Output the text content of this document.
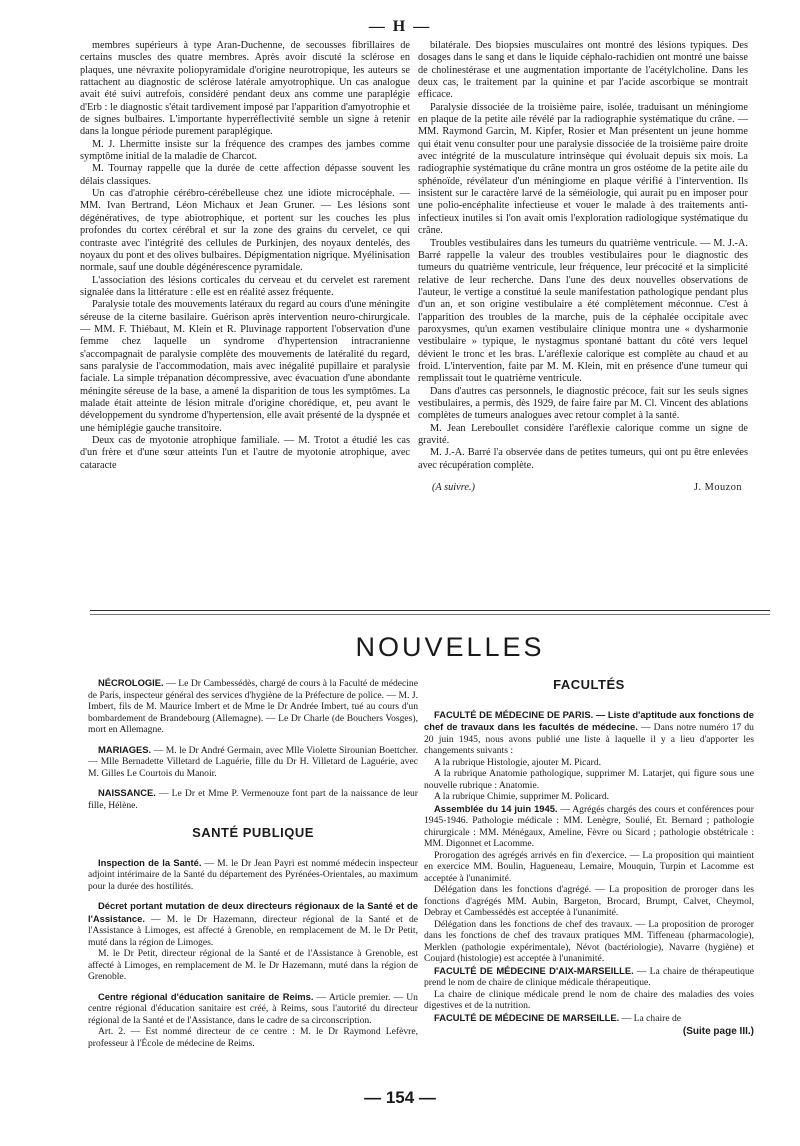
— H —

membres supérieurs à type Aran-Duchenne, de secousses fibrillaires de certains muscles des quatre membres. Après avoir discuté la sclérose en plaques, une névraxite poliopyramidale d'origine neurotropique, les auteurs se rattachent au diagnostic de sclérose latérale amyotrophique. Un cas analogue avait été suivi autrefois, considéré pendant deux ans comme une paraplégie d'Erb : le diagnostic s'était tardivement imposé par l'apparition d'amyotrophie et de signes bulbaires. L'importante hyperréflectivité semble un signe à retenir dans la longue période purement paraplégique.

M. J. Lhermitte insiste sur la fréquence des crampes des jambes comme symptôme initial de la maladie de Charcot.

M. Tournay rappelle que la durée de cette affection dépasse souvent les délais classiques.

Un cas d'atrophie cérébro-cérébelleuse chez une idiote microcéphale. — MM. Ivan Bertrand, Léon Michaux et Jean Gruner. — Les lésions sont dégénératives, de type abiotrophique, et portent sur les couches les plus profondes du cortex cérébral et sur la zone des grains du cervelet, ce qui contraste avec l'intégrité des cellules de Purkinjen, des noyaux dentelés, des noyaux du pont et des olives bulbaires. Dépigmentation nigrique. Myélinisation normale, sauf une double dégénérescence pyramidale.

L'association des lésions corticales du cerveau et du cervelet est rarement signalée dans la littérature : elle est en réalité assez fréquente.

Paralysie totale des mouvements latéraux du regard au cours d'une méningite séreuse de la citerne basilaire. Guérison après intervention neuro-chirurgicale. — MM. F. Thiébaut, M. Klein et R. Pluvinage rapportent l'observation d'une femme chez laquelle un syndrome d'hypertension intracranienne s'accompagnait de paralysie complète des mouvements de latéralité du regard, sans paralysie de l'accommodation, mais avec inégalité pupillaire et paralysie faciale. La simple trépanation décompressive, avec évacuation d'une abondante méningite séreuse de la base, a amené la disparition de tous les symptômes. La malade était atteinte de lésion mitrale d'origine chorédique, et, peu avant le développement du syndrome d'hypertension, elle avait présenté de la dyspnée et une hémiplégie gauche transitoire.

Deux cas de myotonie atrophique familiale. — M. Trotot a étudié les cas d'un frère et d'une sœur atteints l'un et l'autre de myotonie atrophique, avec cataracte

bilatérale. Des biopsies musculaires ont montré des lésions typiques. Des dosages dans le sang et dans le liquide céphalo-rachidien ont montré une baisse de cholinestérase et une augmentation importante de l'acétylcholine. Dans les deux cas, le traitement par la quinine et par l'acide ascorbique se montrait efficace.

Paralysie dissociée de la troisième paire, isolée, traduisant un méningiome en plaque de la petite aile révélé par la radiographie systématique du crâne. — MM. Raymond Garcin, M. Kipfer, Rosier et Man présentent un jeune homme qui était venu consulter pour une paralysie dissociée de la troisième paire droite avec intégrité de la musculature intrinsèque qui évoluait depuis six mois. La radiographie systématique du crâne montra un gros ostéome de la petite aile du sphénoïde, révélateur d'un méningiome en plaque vérifié à l'intervention. Ils insistent sur le caractère larvé de la séméiologie, qui aurait pu en imposer pour une polio-encéphalite infectieuse et vouer le malade à des traitements anti-infectieux inutiles si l'on avait omis l'exploration radiologique systématique du crâne.

Troubles vestibulaires dans les tumeurs du quatrième ventricule. — M. J.-A. Barré rappelle la valeur des troubles vestibulaires pour le diagnostic des tumeurs du quatrième ventricule, leur fréquence, leur précocité et la simplicité relative de leur recherche. Dans l'une des deux nouvelles observations de l'auteur, le vertige a constitué la seule manifestation pathologique pendant plus d'un an, et son origine vestibulaire a été complètement méconnue. C'est à l'apparition des troubles de la marche, puis de la céphalée occipitale avec paroxysmes, qu'un examen vestibulaire clinique montra une « dysharmonie vestibulaire » typique, le nystagmus spontané battant du côté vers lequel dévient le tronc et les bras. L'aréflexie calorique est complète au chaud et au froid. L'intervention, faite par M. M. Klein, mit en présence d'une tumeur qui remplissait tout le quatrième ventricule.

Dans d'autres cas personnels, le diagnostic précoce, fait sur les seuls signes vestibulaires, a permis, dès 1929, de faire faire par M. Cl. Vincent des ablations complètes de tumeurs analogues avec retour complet à la santé.

M. Jean Lereboullet considère l'aréflexie calorique comme un signe de gravité.

M. J.-A. Barré l'a observée dans de petites tumeurs, qui ont pu être enlevées avec récupération complète.

(A suivre.)	J. Mouzon
NOUVELLES

NÉCROLOGIE. — Le Dr Cambessédès, chargé de cours à la Faculté de médecine de Paris, inspecteur général des services d'hygiène de la Préfecture de police. — M. J. Imbert, fils de M. Maurice Imbert et de Mme le Dr Andrée Imbert, tué au cours d'un bombardement de Brandebourg (Allemagne). — Le Dr Charle (de Bouchers Vosges), mort en Allemagne.

MARIAGES. — M. le Dr André Germain, avec Mlle Violette Sirounian Boettcher. — Mlle Bernadette Villetard de Laguérie, fille du Dr H. Villetard de Laguérie, avec M. Gilles Le Courtois du Manoir.

NAISSANCE. — Le Dr et Mme P. Vermenouze font part de la naissance de leur fille, Hélène.

SANTÉ PUBLIQUE

Inspection de la Santé. — M. le Dr Jean Payri est nommé médecin inspecteur adjoint intérimaire de la Santé du département des Pyrénées-Orientales, au maximum pour la durée des hostilités.

Décret portant mutation de deux directeurs régionaux de la Santé et de l'Assistance. — M. le Dr Hazemann, directeur régional de la Santé et de l'Assistance à Limoges, est affecté à Grenoble, en remplacement de M. le Dr Petit, muté dans la région de Limoges.

M. le Dr Petit, directeur régional de la Santé et de l'Assistance à Grenoble, est affecté à Limoges, en remplacement de M. le Dr Hazemann, muté dans la région de Grenoble.

Centre régional d'éducation sanitaire de Reims. — Article premier. — Un centre régional d'éducation sanitaire est créé, à Reims, sous l'autorité du directeur régional de la Santé et de l'Assistance, dans le cadre de sa circonscription.

Art. 2. — Est nommé directeur de ce centre : M. le Dr Raymond Lefèvre, professeur à l'École de médecine de Reims.

FACULTÉS

FACULTÉ DE MÉDECINE DE PARIS. — Liste d'aptitude aux fonctions de chef de travaux dans les facultés de médecine. — Dans notre numéro 17 du 20 juin 1945, nous avons publié une liste à laquelle il y a lieu d'apporter les changements suivants :

A la rubrique Histologie, ajouter M. Picard.

A la rubrique Anatomie pathologique, supprimer M. Latarjet, qui figure sous une nouvelle rubrique : Anatomie.

A la rubrique Chimie, supprimer M. Policard.

Assemblée du 14 juin 1945. — Agrégés chargés des cours et conférences pour 1945-1946. Pathologie médicale : MM. Lenègre, Soulié, Et. Bernard ; pathologie chirurgicale : MM. Ménégaux, Ameline, Fèvre ou Sicard ; pathologie obstétricale : MM. Digonnet et Lacomme.

Prorogation des agrégés arrivés en fin d'exercice. — La proposition qui maintient en exercice MM. Boulin, Hagueneau, Lemaire, Mouquin, Turpin et Lacomme est acceptée à l'unanimité.

Délégation dans les fonctions d'agrégé. — La proposition de proroger dans les fonctions d'agrégés MM. Aubin, Bargeton, Brocard, Brumpt, Calvet, Cheymol, Debray et Cambessédès est acceptée à l'unanimité.

Délégation dans les fonctions de chef des travaux. — La proposition de proroger dans les fonctions de chef des travaux pratiques MM. Tiffeneau (pharmacologie), Merklen (pathologie expérimentale), Névot (bactériologie), Navarre (hygiène) et Coujard (histologie) est acceptée à l'unanimité.

FACULTÉ DE MÉDECINE D'AIX-MARSEILLE. — La chaire de thérapeutique prend le nom de chaire de clinique médicale thérapeutique.

La chaire de clinique médicale prend le nom de chaire des maladies des voies digestives et de la nutrition.

FACULTÉ DE MÉDECINE DE MARSEILLE. — La chaire de

(Suite page III.)
— 154 —
